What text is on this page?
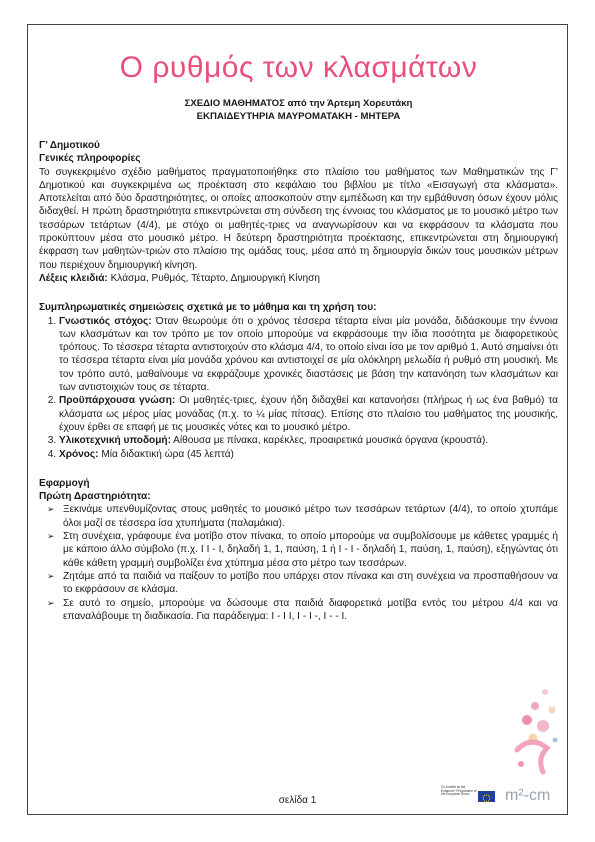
Ο ρυθμός των κλασμάτων
ΣΧΕΔΙΟ ΜΑΘΗΜΑΤΟΣ από την Άρτεμη Χορευτάκη
ΕΚΠΑΙΔΕΥΤΗΡΙΑ ΜΑΥΡΟΜΑΤΑΚΗ - ΜΗΤΕΡΑ
Γ’ Δημοτικού
Γενικές πληροφορίες
Το συγκεκριμένο σχέδιο μαθήματος πραγματοποιήθηκε στο πλαίσιο του μαθήματος των Μαθηματικών της Γ’ Δημοτικού και συγκεκριμένα ως προέκταση στο κεφάλαιο του βιβλίου με τίτλο «Εισαγωγή στα κλάσματα». Αποτελείται από δύο δραστηριότητες, οι οποίες αποσκοπούν στην εμπέδωση και την εμβάθυνση όσων έχουν μόλις διδαχθεί. Η πρώτη δραστηριότητα επικεντρώνεται στη σύνδεση της έννοιας του κλάσματος με το μουσικό μέτρο των τεσσάρων τετάρτων (4/4), με στόχο οι μαθητές-τριες να αναγνωρίσουν και να εκφράσουν τα κλάσματα που προκύπτουν μέσα στο μουσικό μέτρο. Η δεύτερη δραστηριότητα προέκτασης, επικεντρώνεται στη δημιουργική έκφραση των μαθητών-τριών στο πλαίσιο της ομάδας τους, μέσα από τη δημιουργία δικών τους μουσικών μέτρων που περιέχουν δημιουργική κίνηση.
Λέξεις κλειδιά: Κλάσμα, Ρυθμός, Τέταρτο, Δημιουργική Κίνηση
Συμπληρωματικές σημειώσεις σχετικά με το μάθημα και τη χρήση του:
1. Γνωστικός στόχος: Όταν θεωρούμε ότι ο χρόνος τέσσερα τέταρτα είναι μία μονάδα, διδάσκουμε την έννοια των κλασμάτων και τον τρόπο με τον οποίο μπορούμε να εκφράσουμε την ίδια ποσότητα με διαφορετικούς τρόπους. Το τέσσερα τέταρτα αντιστοιχούν στο κλάσμα 4/4, το οποίο είναι ίσο με τον αριθμό 1. Αυτό σημαίνει ότι το τέσσερα τέταρτα είναι μία μονάδα χρόνου και αντιστοιχεί σε μία ολόκληρη μελωδία ή ρυθμό στη μουσική. Με τον τρόπο αυτό, μαθαίνουμε να εκφράζουμε χρονικές διαστάσεις με βάση την κατανόηση των κλασμάτων και των αντιστοιχιών τους σε τέταρτα.
2. Προϋπάρχουσα γνώση: Οι μαθητές-τριες, έχουν ήδη διδαχθεί και κατανοήσει (πλήρως ή ως ένα βαθμό) τα κλάσματα ως μέρος μίας μονάδας (π.χ. το ¼ μίας πίτσας). Επίσης στο πλαίσιο του μαθήματος της μουσικής, έχουν έρθει σε επαφή με τις μουσικές νότες και το μουσικό μέτρο.
3. Υλικοτεχνική υποδομή: Αίθουσα με πίνακα, καρέκλες, προαιρετικά μουσικά όργανα (κρουστά).
4. Χρόνος: Μία διδακτική ώρα (45 λεπτά)
Εφαρμογή
Πρώτη Δραστηριότητα:
➢ Ξεκινάμε υπενθυμίζοντας στους μαθητές το μουσικό μέτρο των τεσσάρων τετάρτων (4/4), το οποίο χτυπάμε όλοι μαζί σε τέσσερα ίσα χτυπήματα (παλαμάκια).
➢ Στη συνέχεια, γράφουμε ένα μοτίβο στον πίνακα, το οποίο μπορούμε να συμβολίσουμε με κάθετες γραμμές ή με κάποιο άλλο σύμβολο (π.χ. I I - I, δηλαδή 1, 1, παύση, 1 ή I - I - δηλαδή 1, παύση, 1, παύση), εξηγώντας ότι κάθε κάθετη γραμμή συμβολίζει ένα χτύπημα μέσα στο μέτρο των τεσσάρων.
➢ Ζητάμε από τα παιδιά να παίξουν το μοτίβο που υπάρχει στον πίνακα και στη συνέχεια να προσπαθήσουν να το εκφράσουν σε κλάσμα.
➢ Σε αυτό το σημείο, μπορούμε να δώσουμε στα παιδιά διαφορετικά μοτίβα εντός του μέτρου 4/4 και να επαναλάβουμε τη διαδικασία. Για παράδειγμα: I - I I, I - I -, I - - I.
σελίδα 1
Co-funded by the Erasmus+ Programme of the European Union	m²-cm
